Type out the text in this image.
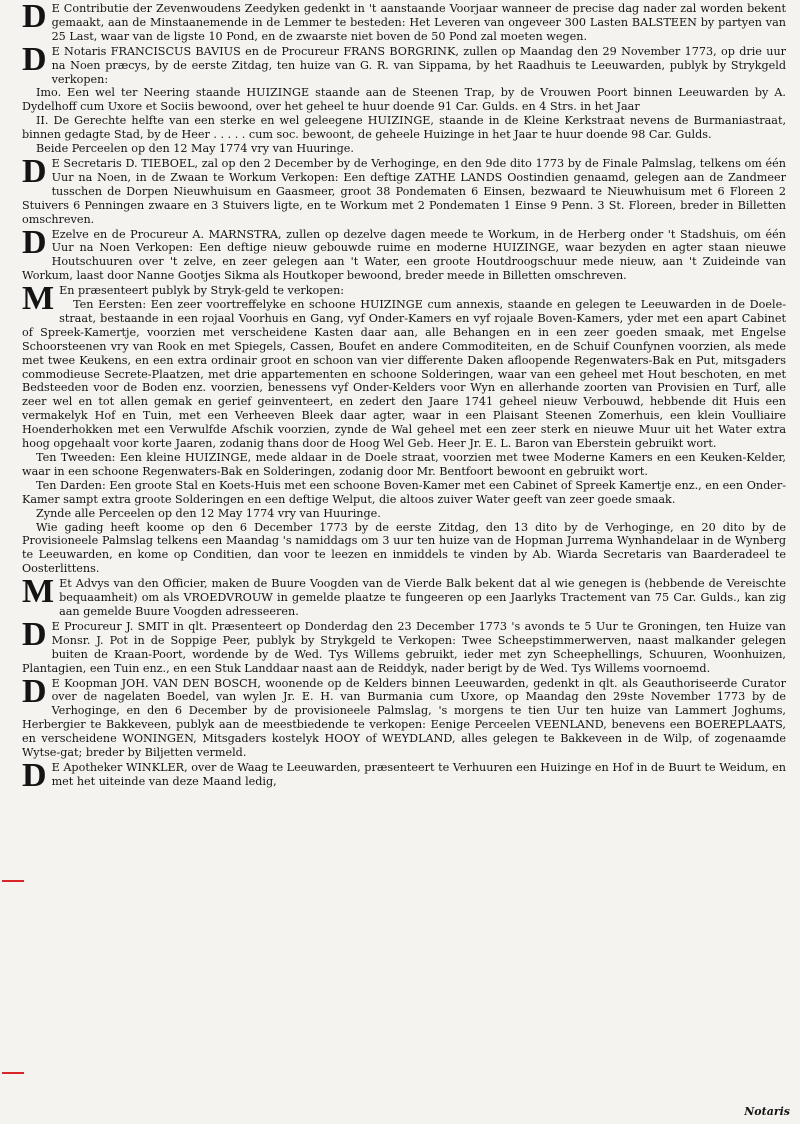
D E Contributie der Zevenwoudens Zeedyken gedenkt in 't aanstaande Voorjaar wanneer de precise dag nader zal worden bekent gemaakt, aan de Minstaanemende in de Lemmer te besteden: Het Leveren van ongeveer 300 Lasten BALSTEEN by partyen van 25 Last, waar van de ligste 10 Pond, en de zwaarste niet boven de 50 Pond zal moeten wegen.

D E Notaris FRANCISCUS BAVIUS en de Procureur FRANS BORGRINK, zullen op Maandag den 29 November 1773, op drie uur na Noen præcys, by de eerste Zitdag, ten huize van G. R. van Sippama, by het Raadhuis te Leeuwarden, publyk by Strykgeld verkopen:

Imo. Een wel ter Neering staande HUIZINGE staande aan de Steenen Trap, by de Vrouwen Poort binnen Leeuwarden by A. Dydelhoff cum Uxore et Sociis bewoond, over het geheel te huur doende 91 Car. Gulds. en 4 Strs. in het Jaar

II. De Gerechte helfte van een sterke en wel geleegene HUIZINGE, staande in de Kleine Kerkstraat nevens de Burmaniastraat, binnen gedagte Stad, by de Heer . . . . . cum soc. bewoont, de geheele Huizinge in het Jaar te huur doende 98 Car. Gulds.

Beide Perceelen op den 12 May 1774 vry van Huuringe.

D E Secretaris D. TIEBOEL, zal op den 2 December by de Verhoginge, en den 9de dito 1773 by de Finale Palmslag, telkens om één Uur na Noen, in de Zwaan te Workum Verkopen: Een deftige ZATHE LANDS Oostindien genaamd, gelegen aan de Zandmeer tusschen de Dorpen Nieuwhuisum en Gaasmeer, groot 38 Pondematen 6 Einsen, bezwaard te Nieuwhuisum met 6 Floreen 2 Stuivers 6 Penningen zwaare en 3 Stuivers ligte, en te Workum met 2 Pondematen 1 Einse 9 Penn. 3 St. Floreen, breder in Billetten omschreven.

D Ezelve en de Procureur A. MARNSTRA, zullen op dezelve dagen meede te Workum, in de Herberg onder 't Stadshuis, om één Uur na Noen Verkopen: Een deftige nieuw gebouwde ruime en moderne HUIZINGE, waar bezyden en agter staan nieuwe Houtschuuren over 't zelve, en zeer gelegen aan 't Water, een groote Houtdroogschuur mede nieuw, aan 't Zuideinde van Workum, laast door Nanne Gootjes Sikma als Houtkoper bewoond, breder meede in Billetten omschreven.

M En præsenteert publyk by Stryk-geld te verkopen:

Ten Eersten: Een zeer voortreffelyke en schoone HUIZINGE cum annexis, staande en gelegen te Leeuwarden in de Doele-straat, bestaande in een rojaal Voorhuis en Gang, vyf Onder-Kamers en vyf rojaale Boven-Kamers, yder met een apart Cabinet of Spreek-Kamertje, voorzien met verscheidene Kasten daar aan, alle Behangen en in een zeer goeden smaak, met Engelse Schoorsteenen vry van Rook en met Spiegels, Cassen, Boufet en andere Commoditeiten, en de Schuif Counfynen voorzien, als mede met twee Keukens, en een extra ordinair groot en schoon van vier differente Daken afloopende Regenwaters-Bak en Put, mitsgaders commodieuse Secrete-Plaatzen, met drie appartementen en schoone Solderingen, waar van een geheel met Hout beschoten, en met Bedsteeden voor de Boden enz. voorzien, benessens vyf Onder-Kelders voor Wyn en allerhande zoorten van Provisien en Turf, alle zeer wel en tot allen gemak en gerief geinventeert, en zedert den Jaare 1741 geheel nieuw Verbouwd, hebbende dit Huis een vermakelyk Hof en Tuin, met een Verheeven Bleek daar agter, waar in een Plaisant Steenen Zomerhuis, een klein Voulliaire Hoenderhokken met een Verwulfde Afschik voorzien, zynde de Wal geheel met een zeer sterk en nieuwe Muur uit het Water extra hoog opgehaalt voor korte Jaaren, zodanig thans door de Hoog Wel Geb. Heer Jr. E. L. Baron van Eberstein gebruikt wort.

Ten Tweeden: Een kleine HUIZINGE, mede aldaar in de Doele straat, voorzien met twee Moderne Kamers en een Keuken-Kelder, waar in een schoone Regenwaters-Bak en Solderingen, zodanig door Mr. Bentfoort bewoont en gebruikt wort.

Ten Darden: Een groote Stal en Koets-Huis met een schoone Boven-Kamer met een Cabinet of Spreek Kamertje enz., en een Onder-Kamer sampt extra groote Solderingen en een deftige Welput, die altoos zuiver Water geeft van zeer goede smaak.

Zynde alle Perceelen op den 12 May 1774 vry van Huuringe.

Wie gading heeft koome op den 6 December 1773 by de eerste Zitdag, den 13 dito by de Verhoginge, en 20 dito by de Provisioneele Palmslag telkens een Maandag 's namiddags om 3 uur ten huize van de Hopman Jurrema Wynhandelaar in de Wynberg te Leeuwarden, en kome op Conditien, dan voor te leezen en inmiddels te vinden by Ab. Wiarda Secretaris van Baarderadeel te Oosterlittens.

M Et Advys van den Officier, maken de Buure Voogden van de Vierde Balk bekent dat al wie genegen is (hebbende de Vereischte bequaamheit) om als VROEDVROUW in gemelde plaatze te fungeeren op een Jaarlyks Tractement van 75 Car. Gulds., kan zig aan gemelde Buure Voogden adresseeren.

D E Procureur J. SMIT in qlt. Præsenteert op Donderdag den 23 December 1773 's avonds te 5 Uur te Groningen, ten Huize van Monsr. J. Pot in de Soppige Peer, publyk by Strykgeld te Verkopen: Twee Scheepstimmerwerven, naast malkander gelegen buiten de Kraan-Poort, wordende by de Wed. Tys Willems gebruikt, ieder met zyn Scheephellings, Schuuren, Woonhuizen, Plantagien, een Tuin enz., en een Stuk Landdaar naast aan de Reiddyk, nader berigt by de Wed. Tys Willems voornoemd.

D E Koopman JOH. VAN DEN BOSCH, woonende op de Kelders binnen Leeuwarden, gedenkt in qlt. als Geauthoriseerde Curator over de nagelaten Boedel, van wylen Jr. E. H. van Burmania cum Uxore, op Maandag den 29ste November 1773 by de Verhoginge, en den 6 December by de provisioneele Palmslag, 's morgens te tien Uur ten huize van Lammert Joghums, Herbergier te Bakkeveen, publyk aan de meestbiedende te verkopen: Eenige Perceelen VEENLAND, benevens een BOEREPLAATS, en verscheidene WONINGEN, Mitsgaders kostelyk HOOY of WEYDLAND, alles gelegen te Bakkeveen in de Wilp, of zogenaamde Wytse-gat; breder by Biljetten vermeld.

D E Apotheker WINKLER, over de Waag te Leeuwarden, præsenteert te Verhuuren een Huizinge en Hof in de Buurt te Weidum, en met het uiteinde van deze Maand ledig,

Notaris
